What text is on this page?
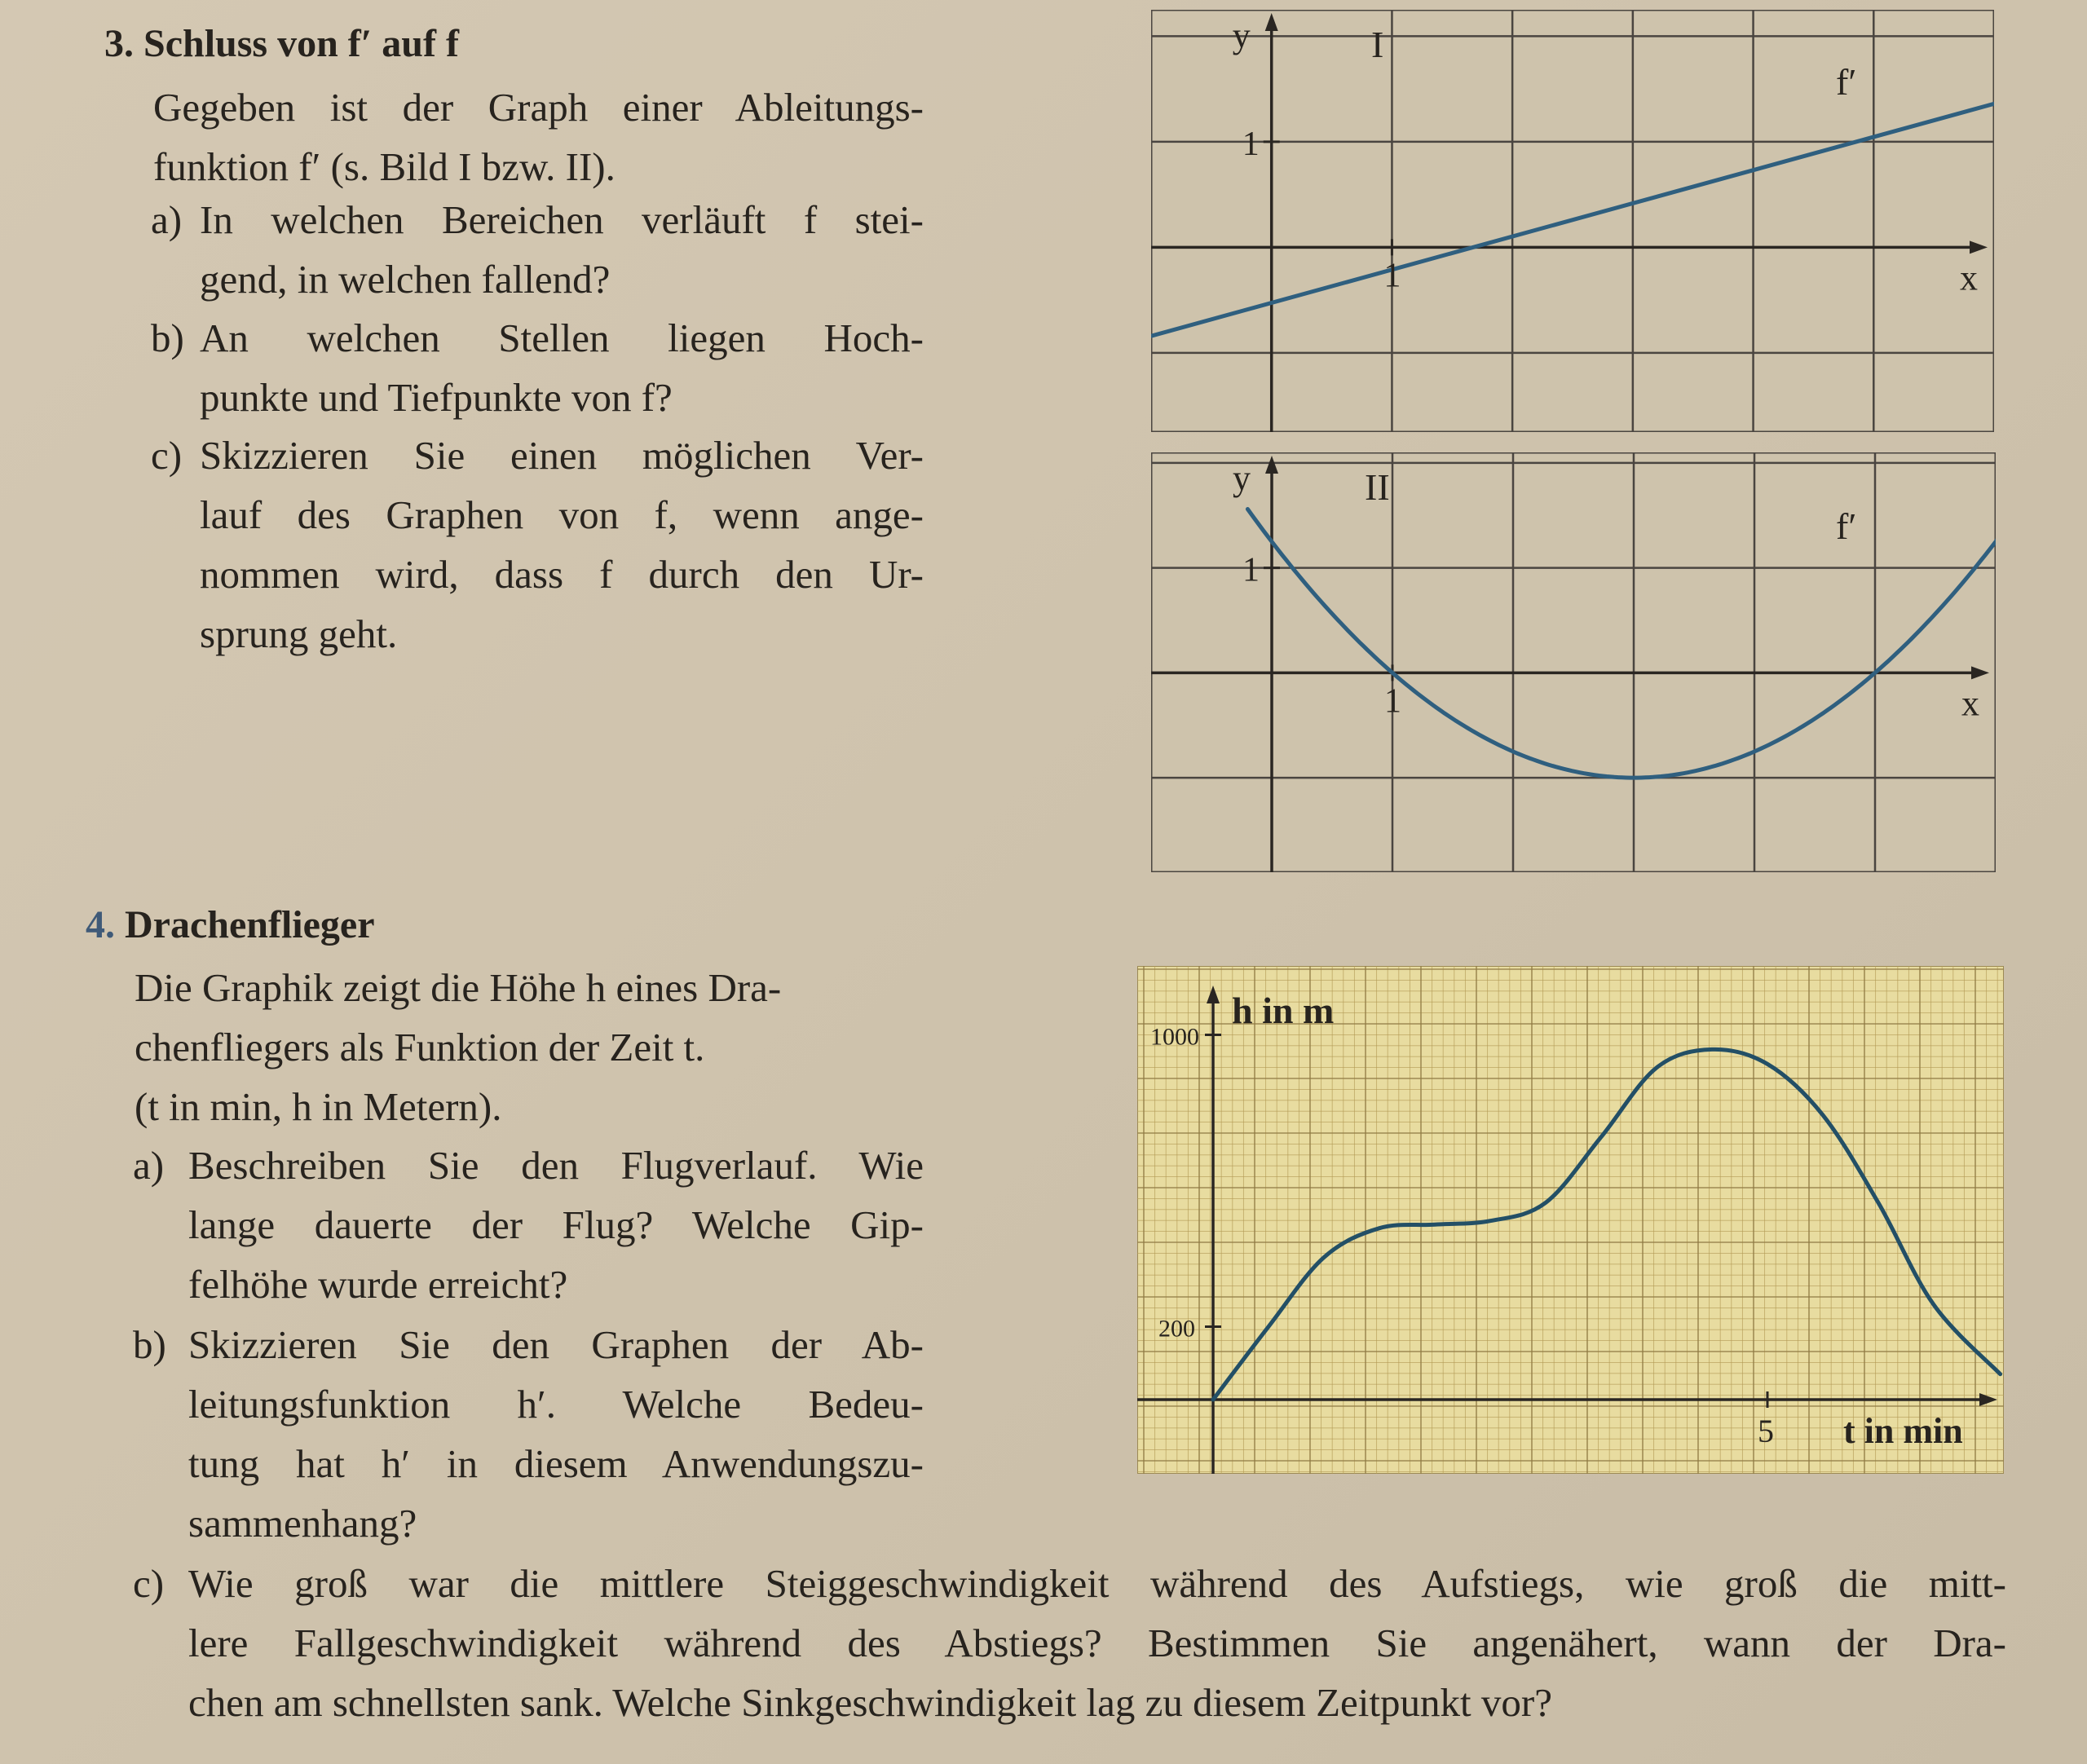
3. Schluss von f′ auf f
Gegeben ist der Graph einer Ableitungs-
funktion f′ (s. Bild I bzw. II).
a) In welchen Bereichen verläuft f stei-
gend, in welchen fallend?
b) An welchen Stellen liegen Hoch-
punkte und Tiefpunkte von f?
c) Skizzieren Sie einen möglichen Ver-
lauf des Graphen von f, wenn ange-
nommen wird, dass f durch den Ur-
sprung geht.
4. Drachenflieger
Die Graphik zeigt die Höhe h eines Dra-
chenfliegers als Funktion der Zeit t.
(t in min, h in Metern).
a) Beschreiben Sie den Flugverlauf. Wie
lange dauerte der Flug? Welche Gip-
felhöhe wurde erreicht?
b) Skizzieren Sie den Graphen der Ab-
leitungsfunktion h′. Welche Bedeu-
tung hat h′ in diesem Anwendungszu-
sammenhang?
c) Wie groß war die mittlere Steiggeschwindigkeit während des Aufstiegs, wie groß die mitt-
lere Fallgeschwindigkeit während des Abstiegs? Bestimmen Sie angenähert, wann der Dra-
chen am schnellsten sank. Welche Sinkgeschwindigkeit lag zu diesem Zeitpunkt vor?
y
x
1
1
I
f′
y
x
1
1
II
f′
h in m
t in min
5
1000
200
